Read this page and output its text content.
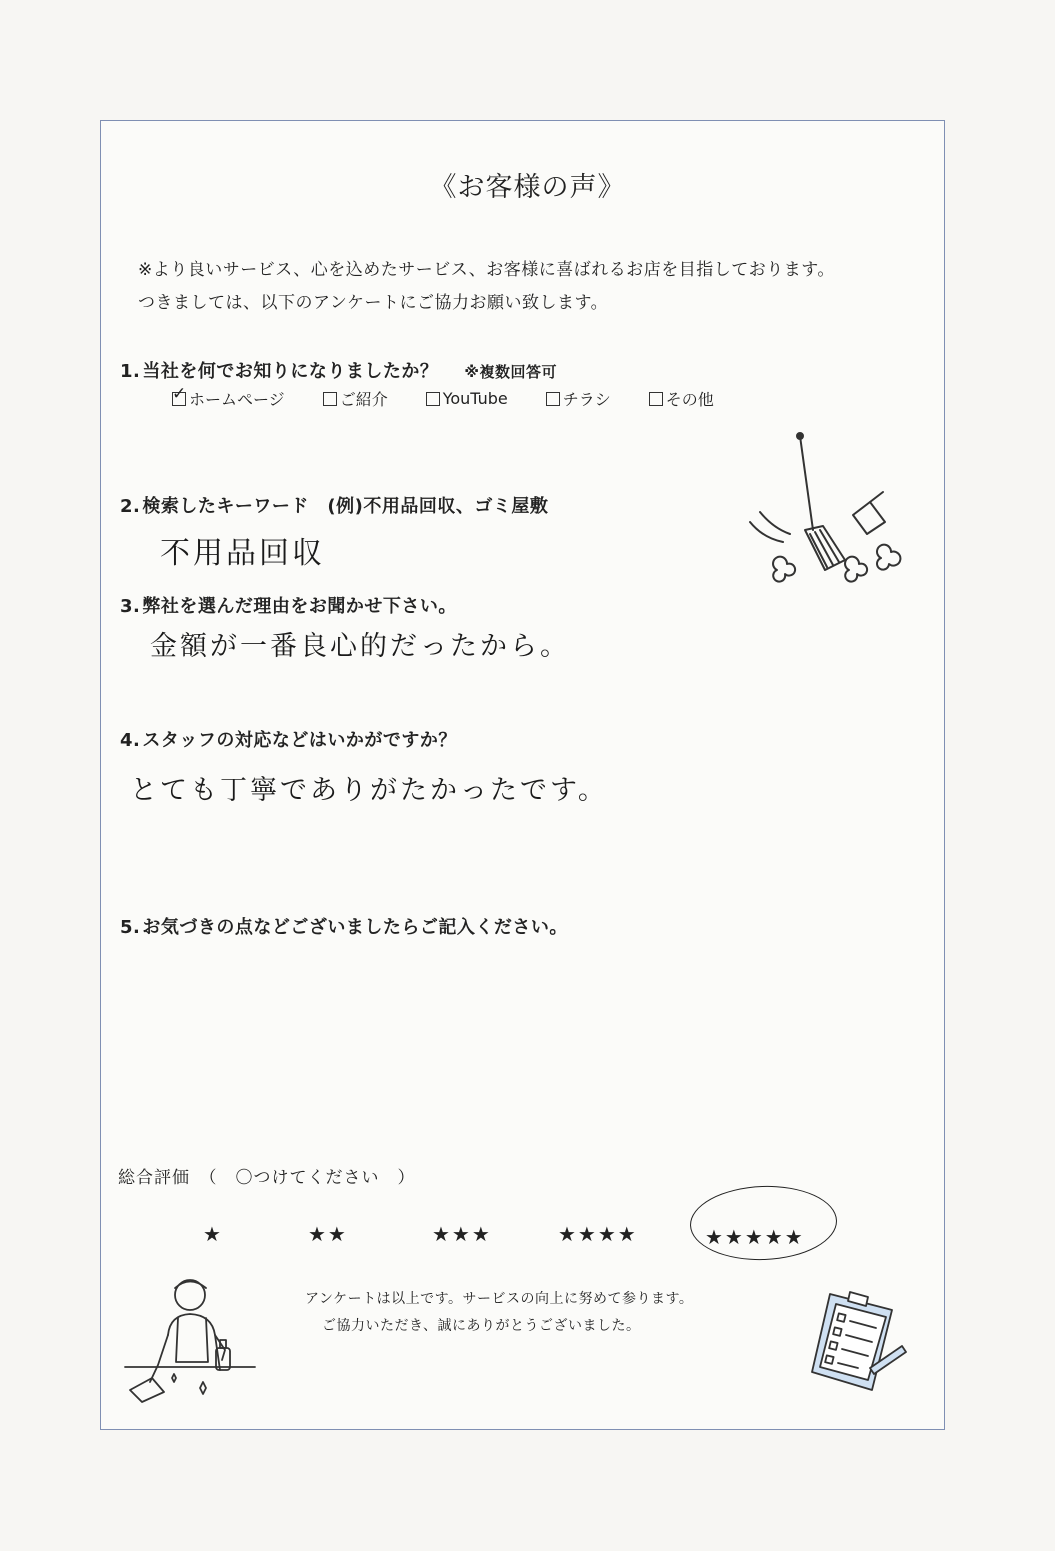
《お客様の声》
※より良いサービス、心を込めたサービス、お客様に喜ばれるお店を目指しております。
つきましては、以下のアンケートにご協力お願い致します。
1. 当社を何でお知りになりましたか？ ※複数回答可
✓
ホームページ	ご紹介	YouTube	チラシ	その他
2. 検索したキーワード　(例)不用品回収、ゴミ屋敷
不用品回収
3. 弊社を選んだ理由をお聞かせ下さい。
金額が一番良心的だったから。
4. スタッフの対応などはいかがですか？
とても丁寧でありがたかったです。
5. お気づきの点などございましたらご記入ください。
総合評価　（　〇つけてください　）
★	★★	★★★	★★★★	★★★★★
アンケートは以上です。サービスの向上に努めて参ります。
ご協力いただき、誠にありがとうございました。
